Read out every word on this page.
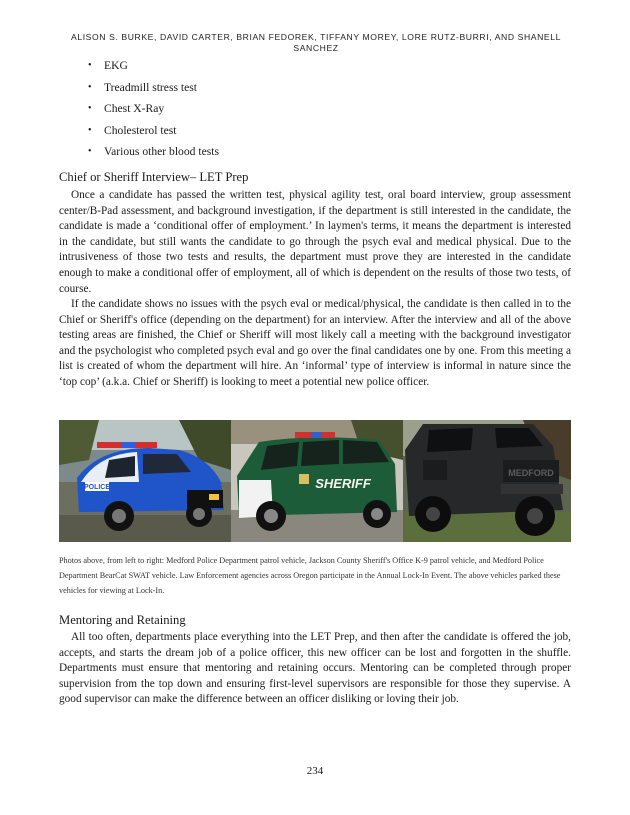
ALISON S. BURKE, DAVID CARTER, BRIAN FEDOREK, TIFFANY MOREY, LORE RUTZ-BURRI, AND SHANELL SANCHEZ
• EKG
• Treadmill stress test
• Chest X-Ray
• Cholesterol test
• Various other blood tests
Chief or Sheriff Interview– LET Prep

Once a candidate has passed the written test, physical agility test, oral board interview, group assessment center/B-Pad assessment, and background investigation, if the department is still interested in the candidate, the candidate is made a ‘conditional offer of employment.’ In laymen's terms, it means the department is interested in the candidate, but still wants the candidate to go through the psych eval and medical physical. Due to the intrusiveness of those two tests and results, the department must prove they are interested in the candidate enough to make a conditional offer of employment, all of which is dependent on the results of those two tests, of course.

If the candidate shows no issues with the psych eval or medical/physical, the candidate is then called in to the Chief or Sheriff's office (depending on the department) for an interview. After the interview and all of the above testing areas are finished, the Chief or Sheriff will most likely call a meeting with the background investigator and the psychologist who completed psych eval and go over the final candidates one by one. From this meeting a list is created of whom the department will hire. An ‘informal’ type of interview is informal in nature since the ‘top cop’ (a.k.a. Chief or Sheriff) is looking to meet a potential new police officer.

POLICE	SHERIFF
MEDFORD

Photos above, from left to right: Medford Police Department patrol vehicle, Jackson County Sheriff's Office K-9 patrol vehicle, and Medford Police Department BearCat SWAT vehicle. Law Enforcement agencies across Oregon participate in the Annual Lock-In Event. The above vehicles parked these vehicles for viewing at Lock-In.

Mentoring and Retaining

All too often, departments place everything into the LET Prep, and then after the candidate is offered the job, accepts, and starts the dream job of a police officer, this new officer can be lost and forgotten in the shuffle. Departments must ensure that mentoring and retaining occurs. Mentoring can be completed through proper supervision from the top down and ensuring first-level supervisors are responsible for those they supervise. A good supervisor can make the difference between an officer disliking or loving their job.

234
